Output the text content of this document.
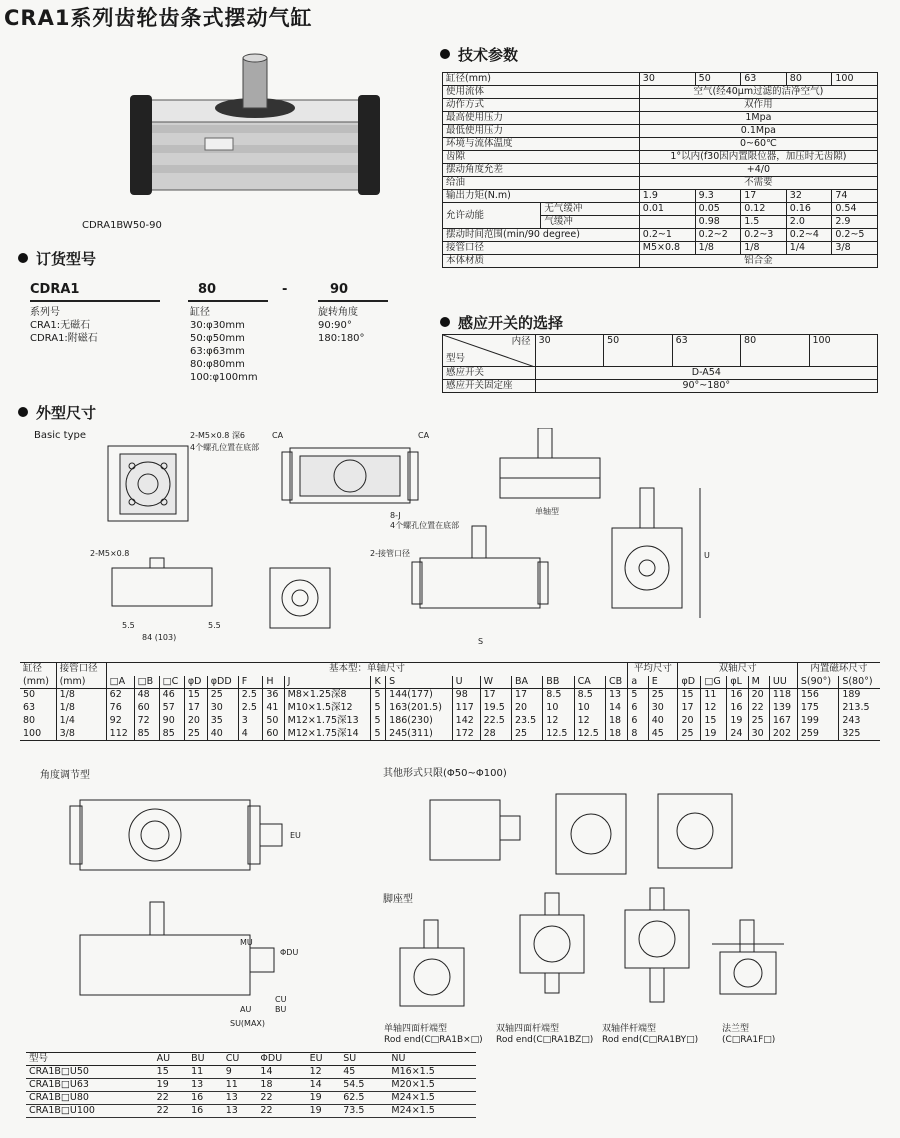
CRA1系列齿轮齿条式摆动气缸
CDRA1BW50-90
技术参数
缸径(mm)		30	50	63	80	100
使用流体		空气(经40μm过滤的洁净空气)				
动作方式		双作用				
最高使用压力		1Mpa				
最低使用压力		0.1Mpa				
环境与流体温度		0~60℃				
齿隙		1°以内(f30因内置限位器，加压时无齿隙)				
摆动角度允差		+4/0				
给油		不需要				
输出力矩(N.m)		1.9	9.3	17	32	74
允许动能	无气缓冲	0.01	0.05	0.12	0.16	0.54
	气缓冲		0.98	1.5	2.0	2.9
摆动时间范围(min/90 degree)		0.2~1	0.2~2	0.2~3	0.2~4	0.2~5
接管口径		M5×0.8	1/8	1/8	1/4	3/8
本体材质		铝合金				
订货型号
CDRA1	80	-	90
系列号
CRA1:无磁石
CDRA1:附磁石
缸径
30:φ30mm
50:φ50mm
63:φ63mm
80:φ80mm
100:φ100mm
旋转角度
90:90°
180:180°
感应开关的选择
内径
型号	30	50	63	80	100
感应开关	D-A54				
感应开关固定座	90°~180°				
外型尺寸
Basic type	2-M5×0.8 深6
4个螺孔位置在底部
CA	CA
8-J
4个螺孔位置在底部
单轴型
2-M5×0.8
5.5	5.5
84 (103)
2-接管口径
S
U
缸径	接管口径	基本型：单轴尺寸																平均尺寸		双轴尺寸					内置磁环尺寸	
(mm)	(mm)	□A	□B	□C	φD	φDD	F	H	J	K	S	U	W	BA	BB	CA	CB	a	E	φD	□G	φL	M	UU	S(90°)	S(80°)
50	1/8	62	48	46	15	25	2.5	36	M8×1.25深8	5	144(177)	98	17	17	8.5	8.5	13	5	25	15	11	16	20	118	156	189
63	1/8	76	60	57	17	30	2.5	41	M10×1.5深12	5	163(201.5)	117	19.5	20	10	10	14	6	30	17	12	16	22	139	175	213.5
80	1/4	92	72	90	20	35	3	50	M12×1.75深13	5	186(230)	142	22.5	23.5	12	12	18	6	40	20	15	19	25	167	199	243
100	3/8	112	85	85	25	40	4	60	M12×1.75深14	5	245(311)	172	28	25	12.5	12.5	18	8	45	25	19	24	30	202	259	325
角度调节型	其他形式只限(Φ50~Φ100)
脚座型
EU
MU
ΦDU
AU
CU
BU
SU(MAX)
单轴四面杆端型
Rod end(C□RA1B×□)
双轴四面杆端型
Rod end(C□RA1BZ□)
双轴伴杆端型
Rod end(C□RA1BY□)
法兰型
(C□RA1F□)
型号	AU	BU	CU	ΦDU	EU	SU	NU
CRA1B□U50	15	11	9	14	12	45	M16×1.5
CRA1B□U63	19	13	11	18	14	54.5	M20×1.5
CRA1B□U80	22	16	13	22	19	62.5	M24×1.5
CRA1B□U100	22	16	13	22	19	73.5	M24×1.5
